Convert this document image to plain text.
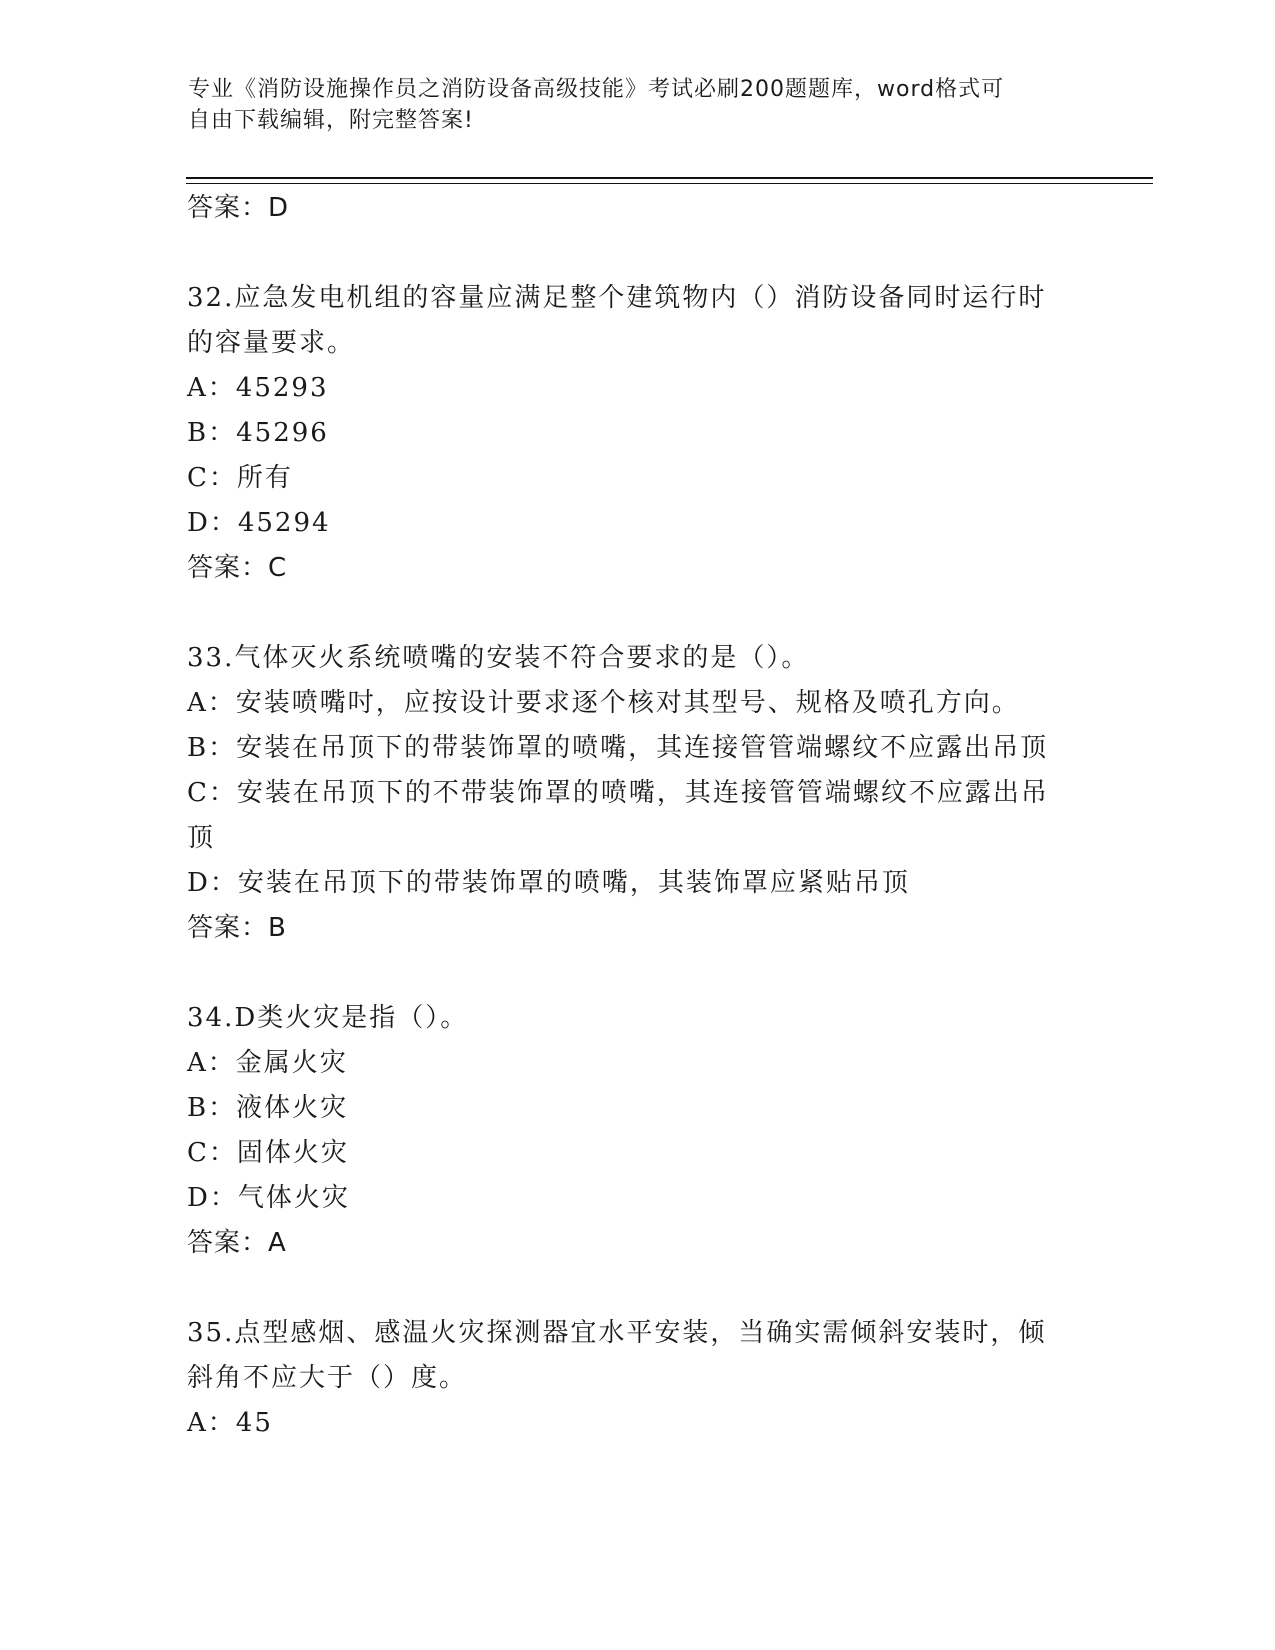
专业《消防设施操作员之消防设备高级技能》考试必刷200题题库，word格式可
自由下载编辑，附完整答案!
答案：D
32.应急发电机组的容量应满足整个建筑物内（）消防设备同时运行时
的容量要求。
A：45293
B：45296
C：所有
D：45294
答案：C
33.气体灭火系统喷嘴的安装不符合要求的是（）。
A：安装喷嘴吋，应按设计要求逐个核对其型号、规格及喷孔方向。
B：安装在吊顶下的带装饰罩的喷嘴，其连接管管端螺纹不应露出吊顶
C：安装在吊顶下的不带装饰罩的喷嘴，其连接管管端螺纹不应露出吊
顶
D：安装在吊顶下的带装饰罩的喷嘴，其装饰罩应紧贴吊顶
答案：B
34.D类火灾是指（）。
A：金属火灾
B：液体火灾
C：固体火灾
D：气体火灾
答案：A
35.点型感烟、感温火灾探测器宜水平安装，当确实需倾斜安装时，倾
斜角不应大于（）度。
A：45
